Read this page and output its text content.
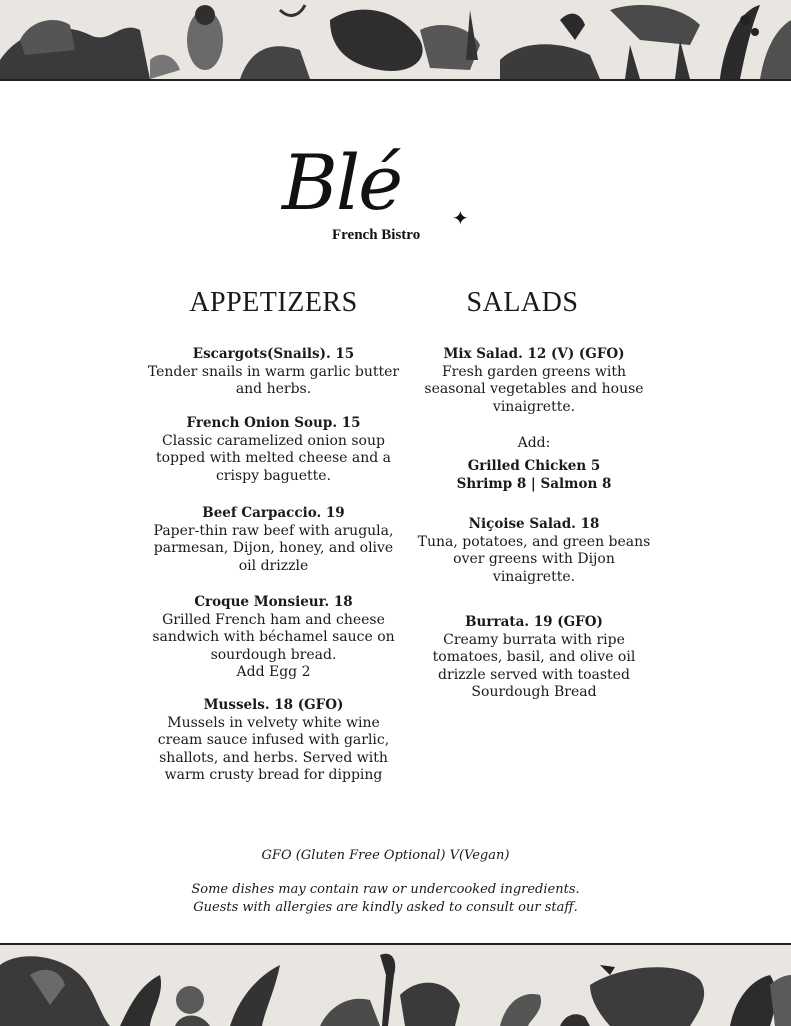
Blé	✦
French Bistro
APPETIZERS	SALADS
Escargots(Snails). 15
Tender snails in warm garlic butter and herbs.
French Onion Soup. 15
Classic caramelized onion soup topped with melted cheese and a crispy baguette.
Beef Carpaccio. 19
Paper-thin raw beef with arugula, parmesan, Dijon, honey, and olive oil drizzle
Croque Monsieur. 18
Grilled French ham and cheese sandwich with béchamel sauce on sourdough bread.
Add Egg 2
Mussels. 18 (GFO)
Mussels in velvety white wine cream sauce infused with garlic, shallots, and herbs. Served with warm crusty bread for dipping
Mix Salad. 12 (V) (GFO)
Fresh garden greens with seasonal vegetables and house vinaigrette.
Add:
Grilled Chicken 5
Shrimp 8 | Salmon 8
Niçoise Salad. 18
Tuna, potatoes, and green beans over greens with Dijon vinaigrette.
Burrata. 19 (GFO)
Creamy burrata with ripe tomatoes, basil, and olive oil drizzle served with toasted Sourdough Bread
GFO (Gluten Free Optional) V(Vegan)
Some dishes may contain raw or undercooked ingredients.
Guests with allergies are kindly asked to consult our staff.
